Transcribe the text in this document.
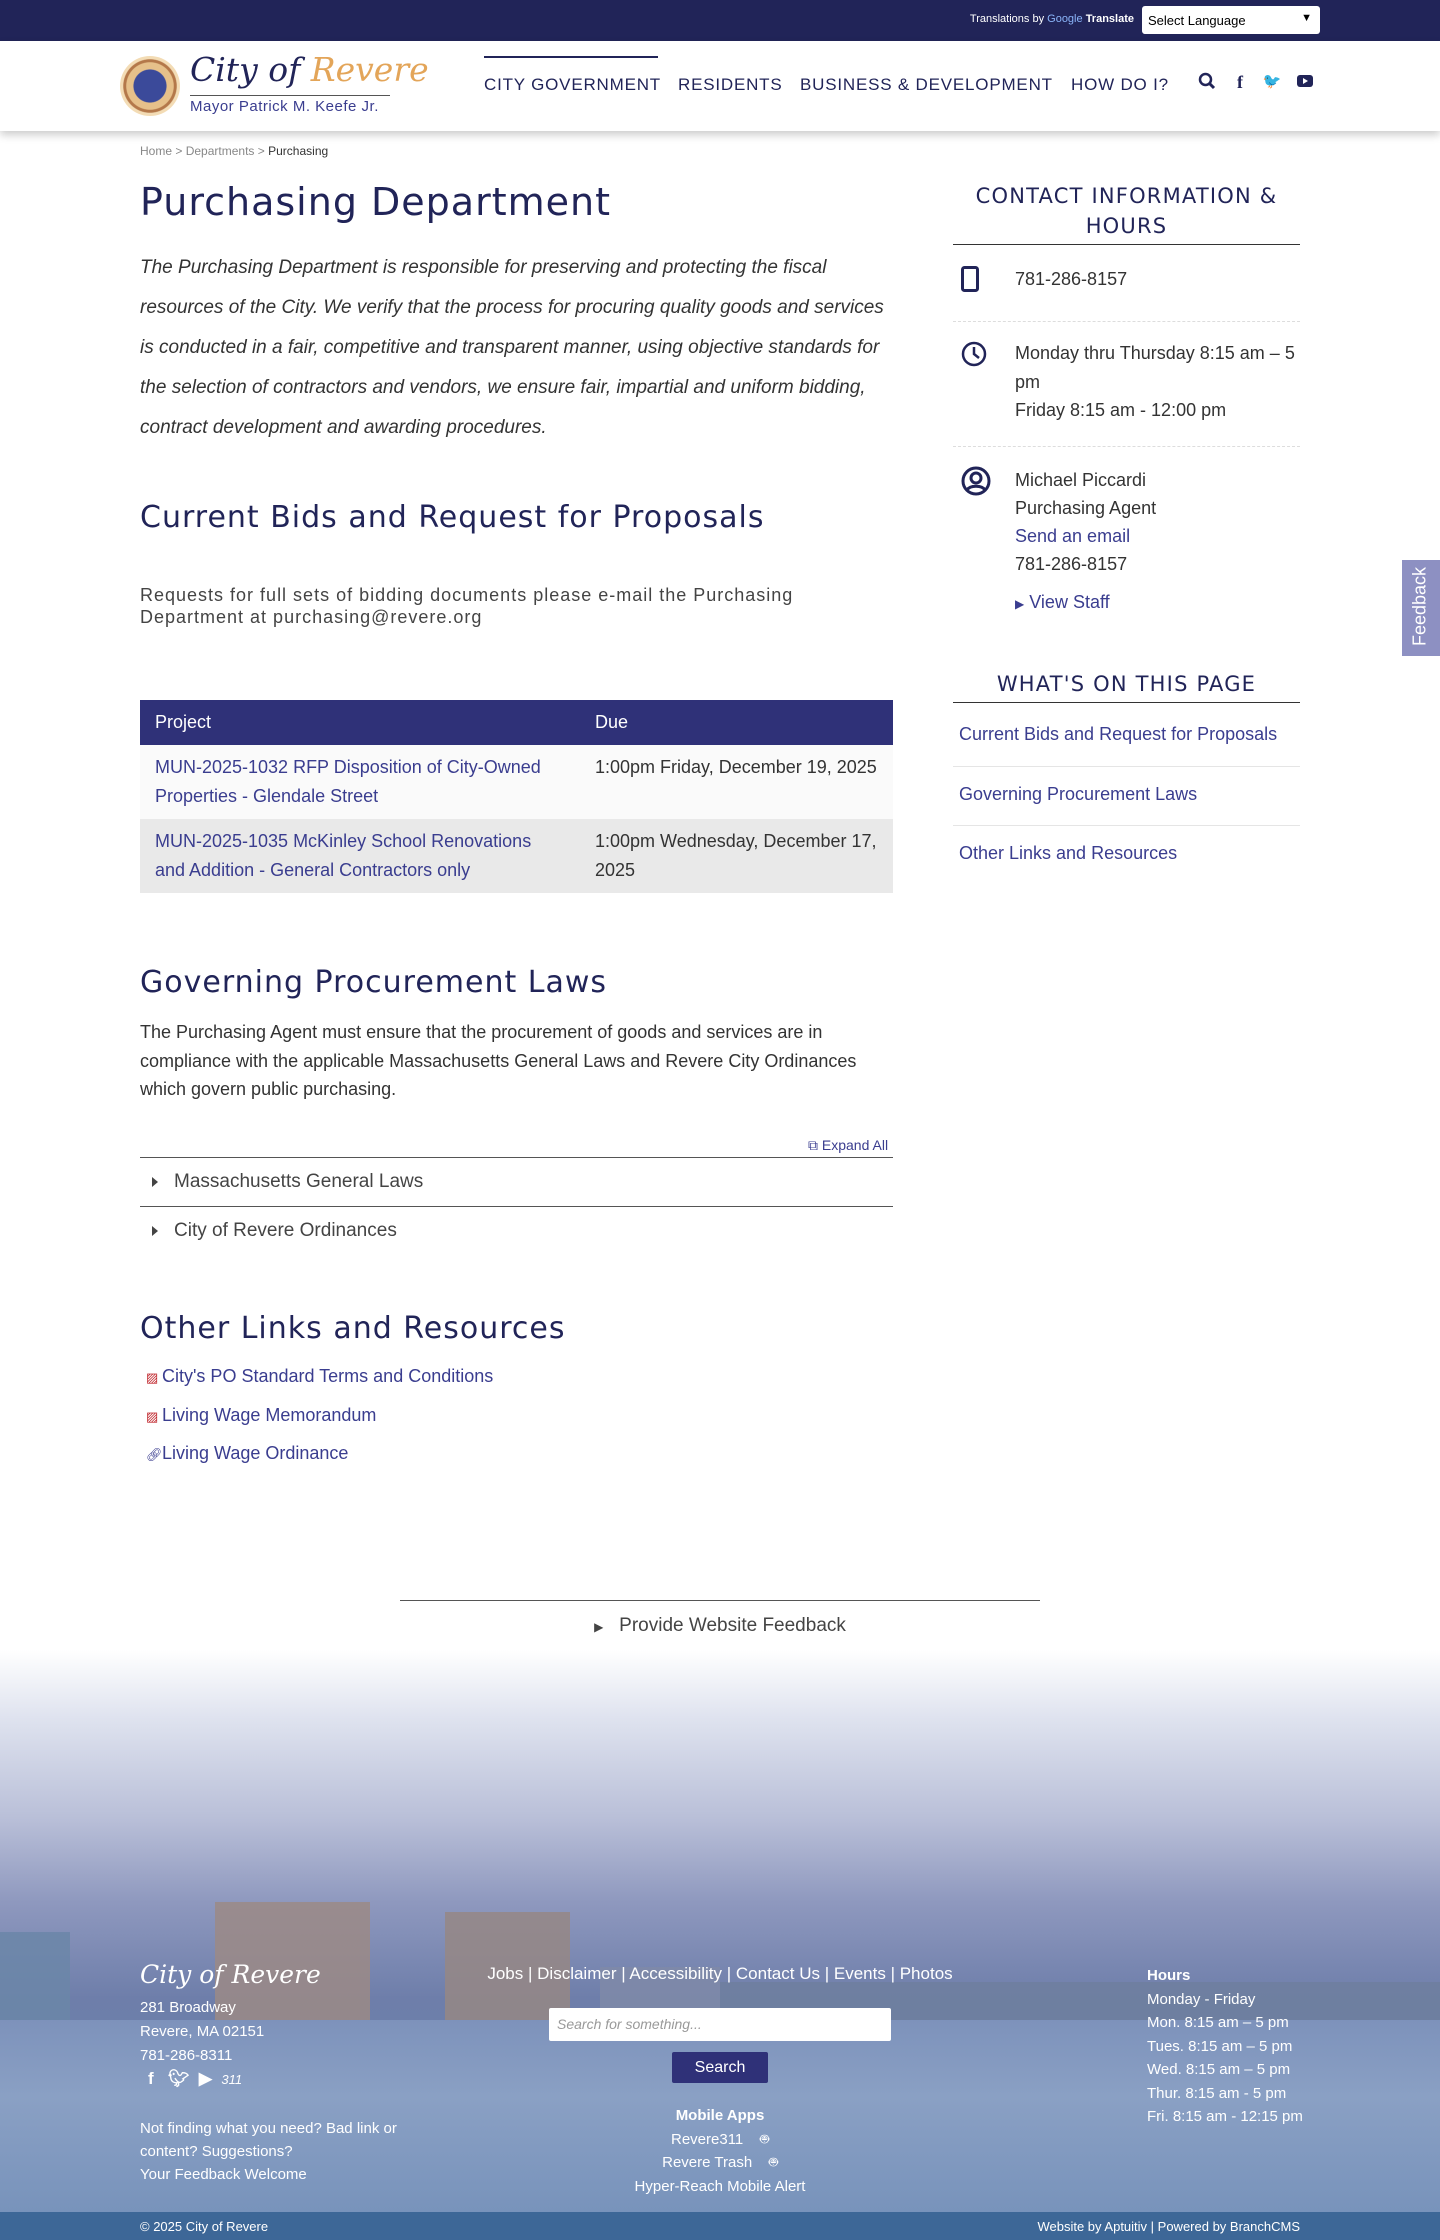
Select Language	▼
Translations by Google Translate
City of Revere
Mayor Patrick M. Keefe Jr.
CITY GOVERNMENT RESIDENTS BUSINESS & DEVELOPMENT HOW DO I?	f	🐦
Home > Departments > Purchasing
Purchasing Department

The Purchasing Department is responsible for preserving and protecting the fiscal resources of the City. We verify that the process for procuring quality goods and services is conducted in a fair, competitive and transparent manner, using objective standards for the selection of contractors and vendors, we ensure fair, impartial and uniform bidding, contract development and awarding procedures.

Current Bids and Request for Proposals

Requests for full sets of bidding documents please e-mail the Purchasing Department at purchasing@revere.org

Project	Due
MUN-2025-1032 RFP Disposition of City-Owned Properties - Glendale Street	1:00pm Friday, December 19, 2025
MUN-2025-1035 McKinley School Renovations and Addition - General Contractors only	1:00pm Wednesday, December 17, 2025
Governing Procurement Laws

The Purchasing Agent must ensure that the procurement of goods and services are in compliance with the applicable Massachusetts General Laws and Revere City Ordinances which govern public purchasing.

⧉ Expand All
Massachusetts General Laws
City of Revere Ordinances
Other Links and Resources
▨ City's PO Standard Terms and Conditions
▨ Living Wage Memorandum
🔗︎Living Wage Ordinance
CONTACT INFORMATION & HOURS
781-286-8157
Monday thru Thursday 8:15 am – 5 pm
Friday 8:15 am - 12:00 pm
Michael Piccardi
Purchasing Agent
Send an email
781-286-8157
▶ View Staff
WHAT'S ON THIS PAGE
Current Bids and Request for Proposals
Governing Procurement Laws
Other Links and Resources
Feedback
▶ Provide Website Feedback
City of Revere
281 Broadway
Revere, MA 02151
781-286-8311
f 🐦︎ ▶ 311
Not finding what you need? Bad link or content? Suggestions?
Your Feedback Welcome
Jobs | Disclaimer | Accessibility | Contact Us | Events | Photos
Search for something...
Search
Mobile Apps
Revere311 🤖︎
Revere Trash 🤖︎
Hyper-Reach Mobile Alert
Hours
Monday - Friday
Mon. 8:15 am – 5 pm
Tues. 8:15 am – 5 pm
Wed. 8:15 am – 5 pm
Thur. 8:15 am - 5 pm
Fri. 8:15 am - 12:15 pm
© 2025 City of Revere	Website by Aptuitiv | Powered by BranchCMS
